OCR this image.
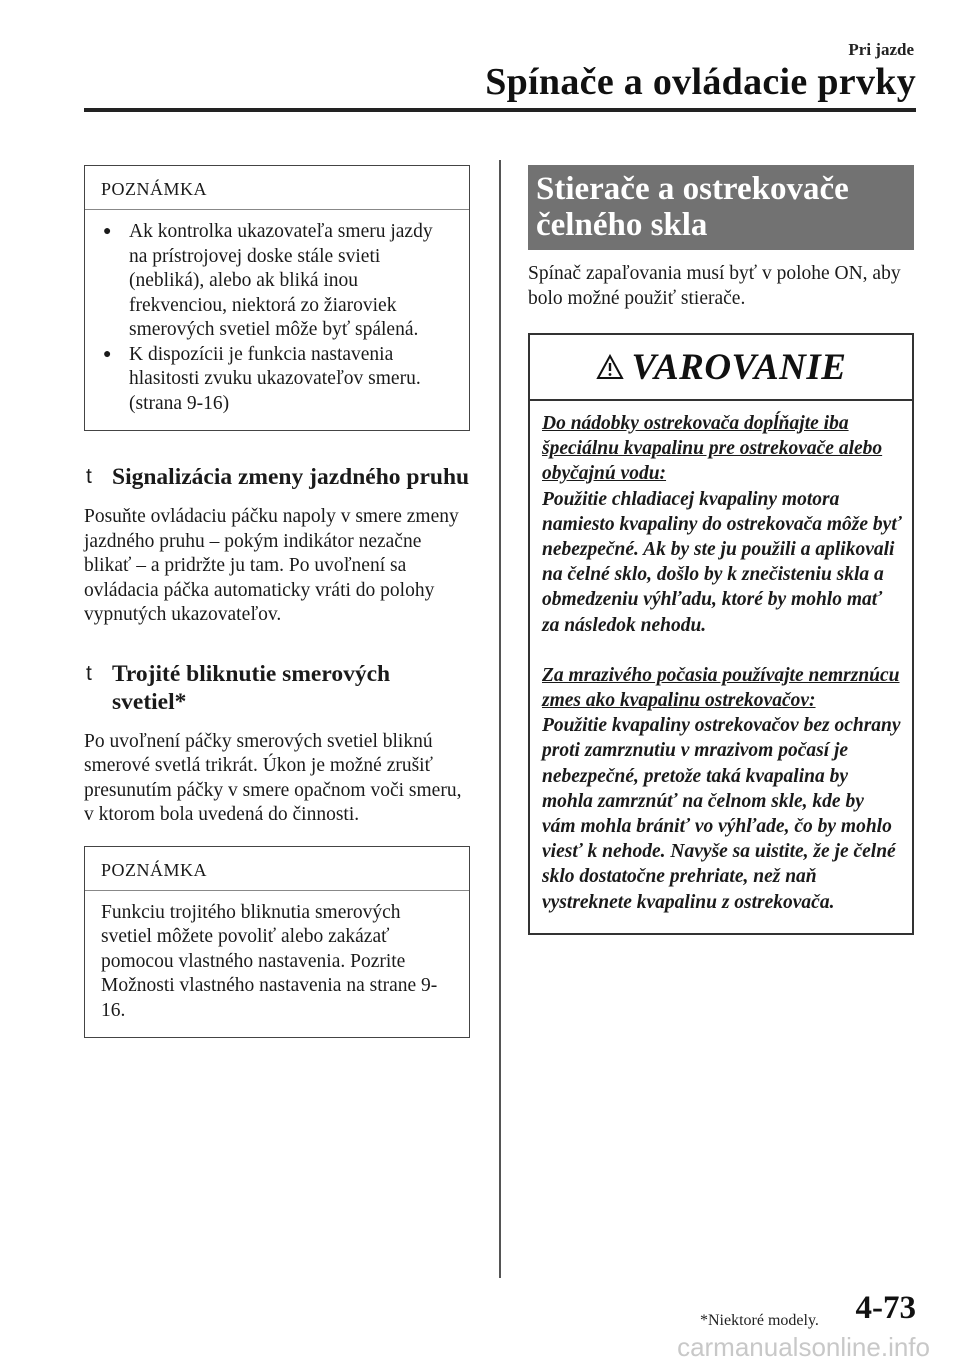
Pri jazde
Spínače a ovládacie prvky
POZNÁMKA
● Ak kontrolka ukazovateľa smeru jazdy na prístrojovej doske stále svieti (nebliká), alebo ak bliká inou frekvenciou, niektorá zo žiaroviek smerových svetiel môže byť spálená.
● K dispozícii je funkcia nastavenia hlasitosti zvuku ukazovateľov smeru. (strana 9-16)
t Signalizácia zmeny jazdného pruhu
Posuňte ovládaciu páčku napoly v smere zmeny jazdného pruhu – pokým indikátor nezačne blikať – a pridržte ju tam. Po uvoľnení sa ovládacia páčka automaticky vráti do polohy vypnutých ukazovateľov.
t Trojité bliknutie smerových svetiel*
Po uvoľnení páčky smerových svetiel bliknú smerové svetlá trikrát. Úkon je možné zrušiť presunutím páčky v smere opačnom voči smeru, v ktorom bola uvedená do činnosti.
POZNÁMKA
Funkciu trojitého bliknutia smerových svetiel môžete povoliť alebo zakázať pomocou vlastného nastavenia. Pozrite Možnosti vlastného nastavenia na strane 9-16.
Stierače a ostrekovače
čelného skla
Spínač zapaľovania musí byť v polohe ON, aby bolo možné použiť stierače.
VAROVANIE
Do nádobky ostrekovača dopĺňajte iba špeciálnu kvapalinu pre ostrekovače alebo obyčajnú vodu:
Použitie chladiacej kvapaliny motora namiesto kvapaliny do ostrekovača môže byť nebezpečné. Ak by ste ju použili a aplikovali na čelné sklo, došlo by k znečisteniu skla a obmedzeniu výhľadu, ktoré by mohlo mať za následok nehodu.
Za mrazivého počasia používajte nemrznúcu zmes ako kvapalinu ostrekovačov:
Použitie kvapaliny ostrekovačov bez ochrany proti zamrznutiu v mrazivom počasí je nebezpečné, pretože taká kvapalina by mohla zamrznúť na čelnom skle, kde by vám mohla brániť vo výhľade, čo by mohlo viesť k nehode. Navyše sa uistite, že je čelné sklo dostatočne prehriate, než naň vystreknete kvapalinu z ostrekovača.
*Niektoré modely. 4-73
carmanualsonline.info
